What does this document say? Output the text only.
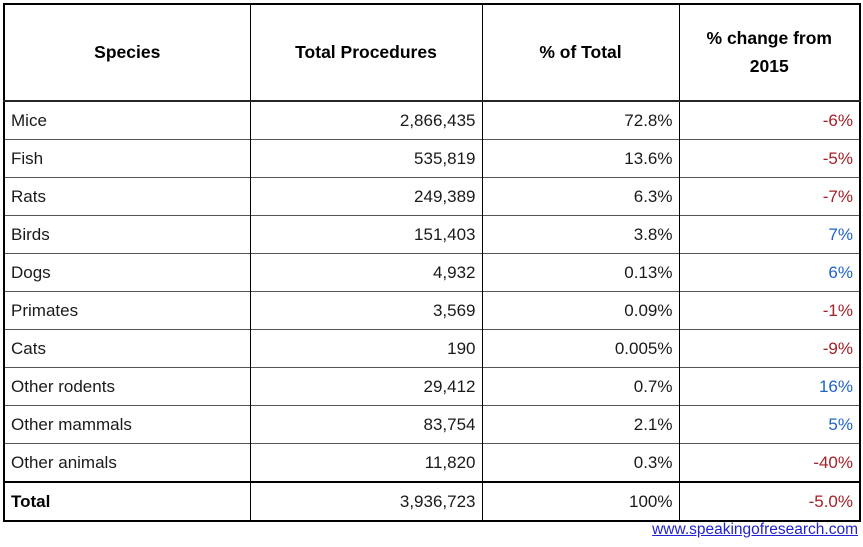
Species	Total Procedures	% of Total	% change from 2015
Mice	2,866,435	72.8%	-6%
Fish	535,819	13.6%	-5%
Rats	249,389	6.3%	-7%
Birds	151,403	3.8%	7%
Dogs	4,932	0.13%	6%
Primates	3,569	0.09%	-1%
Cats	190	0.005%	-9%
Other rodents	29,412	0.7%	16%
Other mammals	83,754	2.1%	5%
Other animals	11,820	0.3%	-40%
Total	3,936,723	100%	-5.0%
www.speakingofresearch.com
